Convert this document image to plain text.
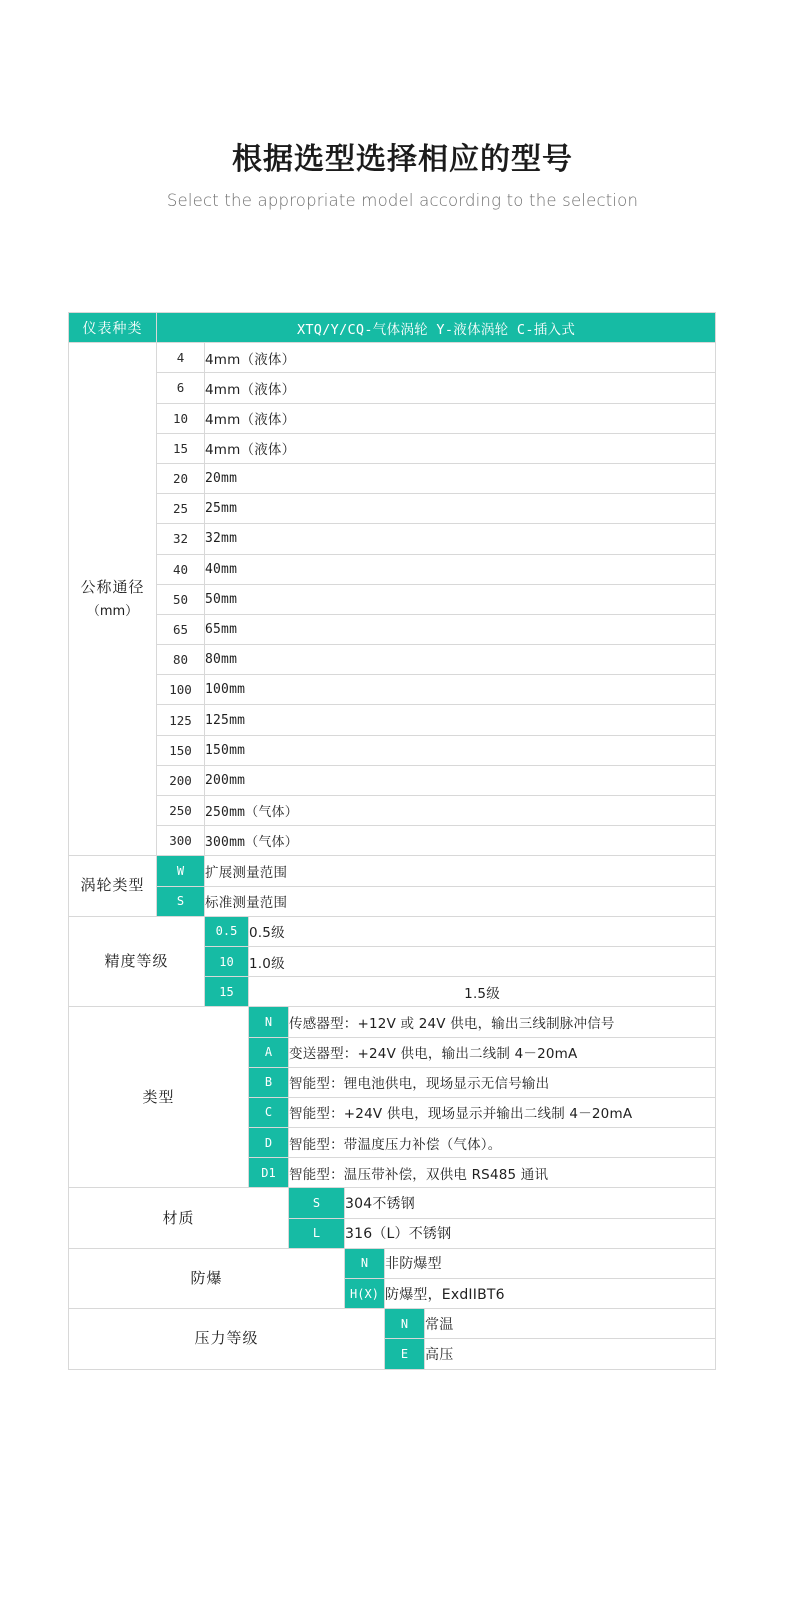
根据选型选择相应的型号
Select the appropriate model according to the selection
仪表种类	XTQ/Y/CQ-气体涡轮 Y-液体涡轮 C-插入式						
公称通径
（mm）	4	4mm（液体）					
	6	4mm（液体）					
	10	4mm（液体）					
	15	4mm（液体）					
	20	20mm					
	25	25mm					
	32	32mm					
	40	40mm					
	50	50mm					
	65	65mm					
	80	80mm					
	100	100mm					
	125	125mm					
	150	150mm					
	200	200mm					
	250	250mm（气体）					
	300	300mm（气体）					
涡轮类型	W	扩展测量范围					
	S	标准测量范围					
精度等级		0.5	0.5级				
		10	1.0级				
		15	1.5级				
类型			N	传感器型：+12V 或 24V 供电，输出三线制脉冲信号			
			A	变送器型：+24V 供电，输出二线制 4－20mA			
			B	智能型：锂电池供电，现场显示无信号输出			
			C	智能型：+24V 供电，现场显示并输出二线制 4－20mA			
			D	智能型：带温度压力补偿（气体）。			
			D1	智能型：温压带补偿，双供电 RS485 通讯			
材质				S	304不锈钢		
				L	316（L）不锈钢		
防爆					N	非防爆型	
					H(X)	防爆型，ExdIIBT6	
压力等级						N	常温
						E	高压
